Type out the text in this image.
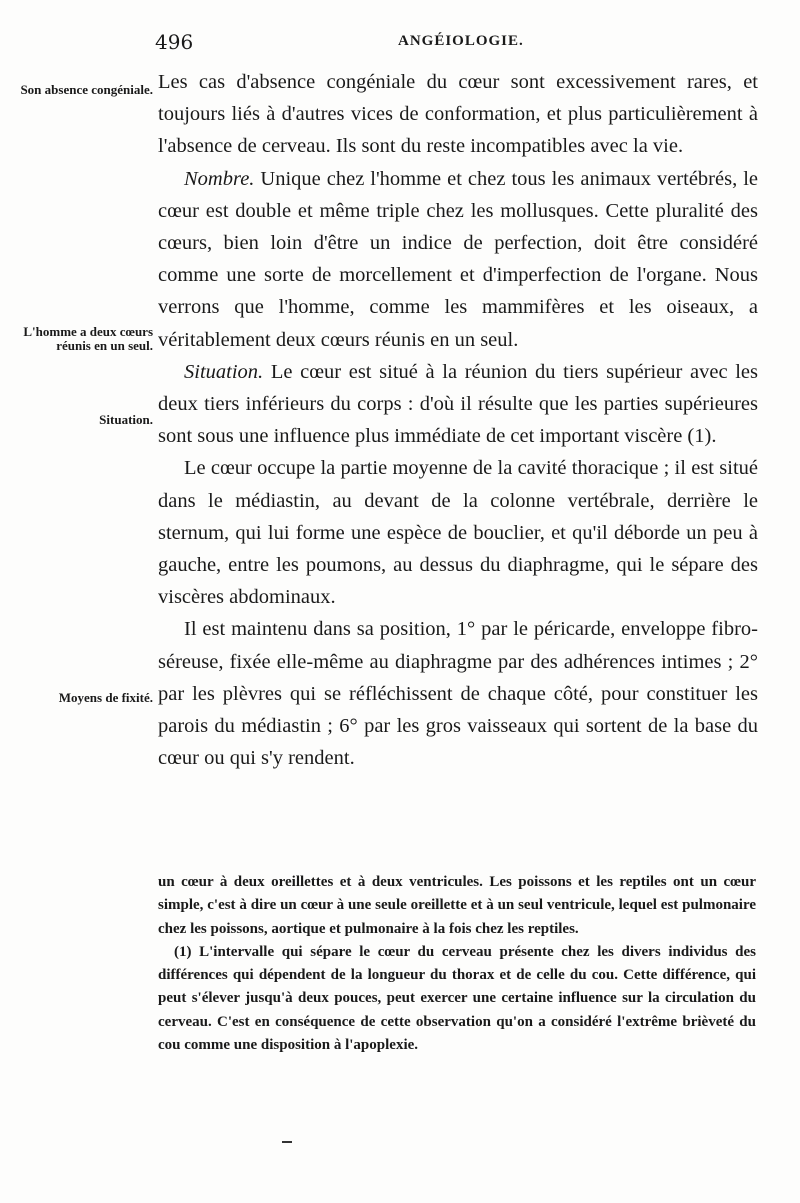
496	ANGÉIOLOGIE.
Son absence congéniale.
L'homme a deux cœurs réunis en un seul.
Situation.
Moyens de fixité.

Les cas d'absence congéniale du cœur sont excessivement rares, et toujours liés à d'autres vices de conformation, et plus particulièrement à l'absence de cerveau. Ils sont du reste incompatibles avec la vie.

Nombre. Unique chez l'homme et chez tous les animaux vertébrés, le cœur est double et même triple chez les mollusques. Cette pluralité des cœurs, bien loin d'être un indice de perfection, doit être considéré comme une sorte de morcellement et d'imperfection de l'organe. Nous verrons que l'homme, comme les mammifères et les oiseaux, a véritablement deux cœurs réunis en un seul.

Situation. Le cœur est situé à la réunion du tiers supérieur avec les deux tiers inférieurs du corps : d'où il résulte que les parties supérieures sont sous une influence plus immédiate de cet important viscère (1).

Le cœur occupe la partie moyenne de la cavité thoracique ; il est situé dans le médiastin, au devant de la colonne vertébrale, derrière le sternum, qui lui forme une espèce de bouclier, et qu'il déborde un peu à gauche, entre les poumons, au dessus du diaphragme, qui le sépare des viscères abdominaux.

Il est maintenu dans sa position, 1° par le péricarde, enveloppe fibro-séreuse, fixée elle-même au diaphragme par des adhérences intimes ; 2° par les plèvres qui se réfléchissent de chaque côté, pour constituer les parois du médiastin ; 6° par les gros vaisseaux qui sortent de la base du cœur ou qui s'y rendent.

un cœur à deux oreillettes et à deux ventricules. Les poissons et les reptiles ont un cœur simple, c'est à dire un cœur à une seule oreillette et à un seul ventricule, lequel est pulmonaire chez les poissons, aortique et pulmonaire à la fois chez les reptiles.

(1) L'intervalle qui sépare le cœur du cerveau présente chez les divers individus des différences qui dépendent de la longueur du thorax et de celle du cou. Cette différence, qui peut s'élever jusqu'à deux pouces, peut exercer une certaine influence sur la circulation du cerveau. C'est en conséquence de cette observation qu'on a considéré l'extrême brièveté du cou comme une disposition à l'apoplexie.
